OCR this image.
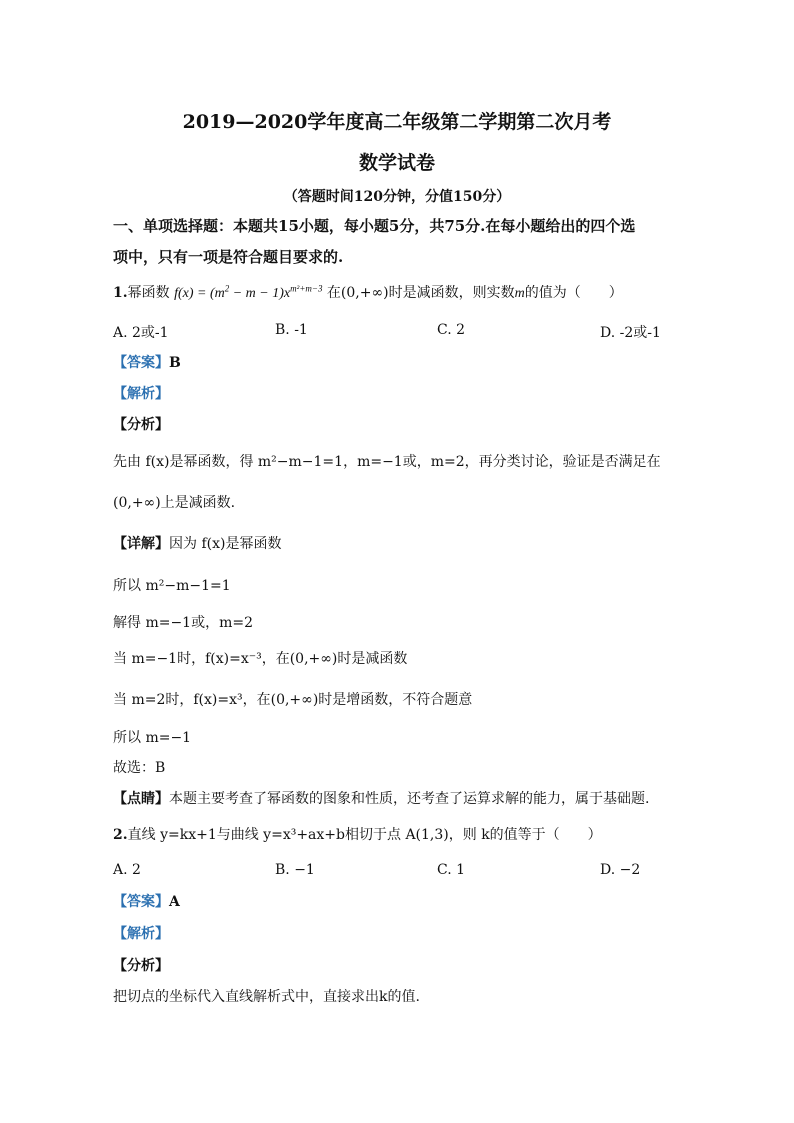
2019—2020学年度高二年级第二学期第二次月考
数学试卷
（答题时间120分钟，分值150分）
一、单项选择题：本题共15小题，每小题5分，共75分.在每小题给出的四个选
项中，只有一项是符合题目要求的.
1.幂函数 $f(x) = (m^2 - m - 1)x^{m^2+m-3}$ 在(0,+∞)时是减函数，则实数m的值为（　　）
A. 2或-1	B. -1	C. 2	D. -2或-1
【答案】B
【解析】
【分析】
先由 f(x)是幂函数，得 m²−m−1=1，m=−1或，m=2，再分类讨论，验证是否满足在
(0,+∞)上是减函数.
【详解】因为 f(x)是幂函数
所以 m²−m−1=1
解得 m=−1或，m=2
当 m=−1时，f(x)=x⁻³，在(0,+∞)时是减函数
当 m=2时，f(x)=x³，在(0,+∞)时是增函数，不符合题意
所以 m=−1
故选：B
【点睛】本题主要考查了幂函数的图象和性质，还考查了运算求解的能力，属于基础题.
2.直线 y=kx+1与曲线 y=x³+ax+b相切于点 A(1,3)，则 k的值等于（　　）
A. 2	B. −1	C. 1	D. −2
【答案】A
【解析】
【分析】
把切点的坐标代入直线解析式中，直接求出k的值.
